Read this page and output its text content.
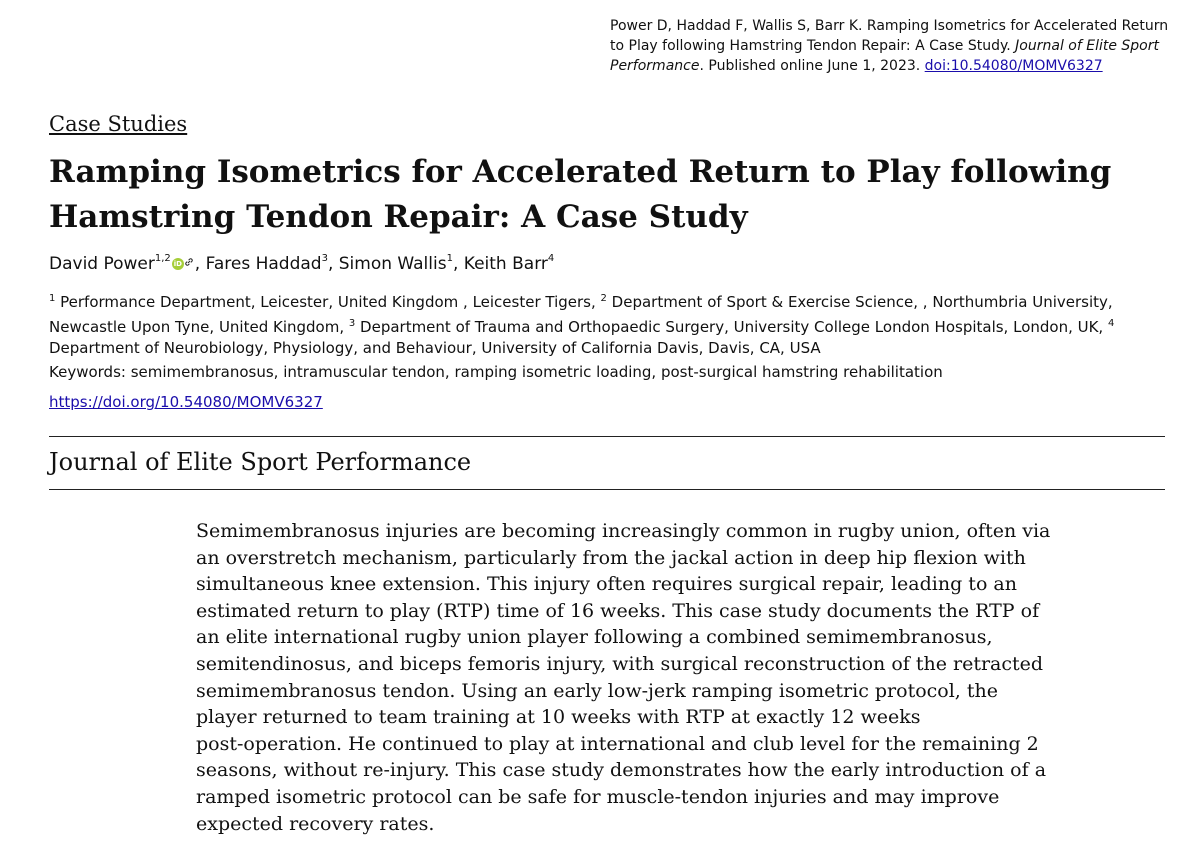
Power D, Haddad F, Wallis S, Barr K. Ramping Isometrics for Accelerated Return to Play following Hamstring Tendon Repair: A Case Study. Journal of Elite Sport Performance. Published online June 1, 2023. doi:10.54080/MOMV6327
Case Studies
Ramping Isometrics for Accelerated Return to Play following
Hamstring Tendon Repair: A Case Study
David Power$^{1,2}$ iD , Fares Haddad$^3$, Simon Wallis$^1$, Keith Barr$^4$
$^1$ Performance Department, Leicester, United Kingdom , Leicester Tigers, $^2$ Department of Sport & Exercise Science, , Northumbria University, Newcastle Upon Tyne, United Kingdom, $^3$ Department of Trauma and Orthopaedic Surgery, University College London Hospitals, London, UK, $^4$ Department of Neurobiology, Physiology, and Behaviour, University of California Davis, Davis, CA, USA
Keywords: semimembranosus, intramuscular tendon, ramping isometric loading, post-surgical hamstring rehabilitation
https://doi.org/10.54080/MOMV6327
Journal of Elite Sport Performance

Semimembranosus injuries are becoming increasingly common in rugby union, often via
an overstretch mechanism, particularly from the jackal action in deep hip flexion with
simultaneous knee extension. This injury often requires surgical repair, leading to an
estimated return to play (RTP) time of 16 weeks. This case study documents the RTP of
an elite international rugby union player following a combined semimembranosus,
semitendinosus, and biceps femoris injury, with surgical reconstruction of the retracted
semimembranosus tendon. Using an early low-jerk ramping isometric protocol, the
player returned to team training at 10 weeks with RTP at exactly 12 weeks
post-operation. He continued to play at international and club level for the remaining 2
seasons, without re-injury. This case study demonstrates how the early introduction of a
ramped isometric protocol can be safe for muscle-tendon injuries and may improve
expected recovery rates.
